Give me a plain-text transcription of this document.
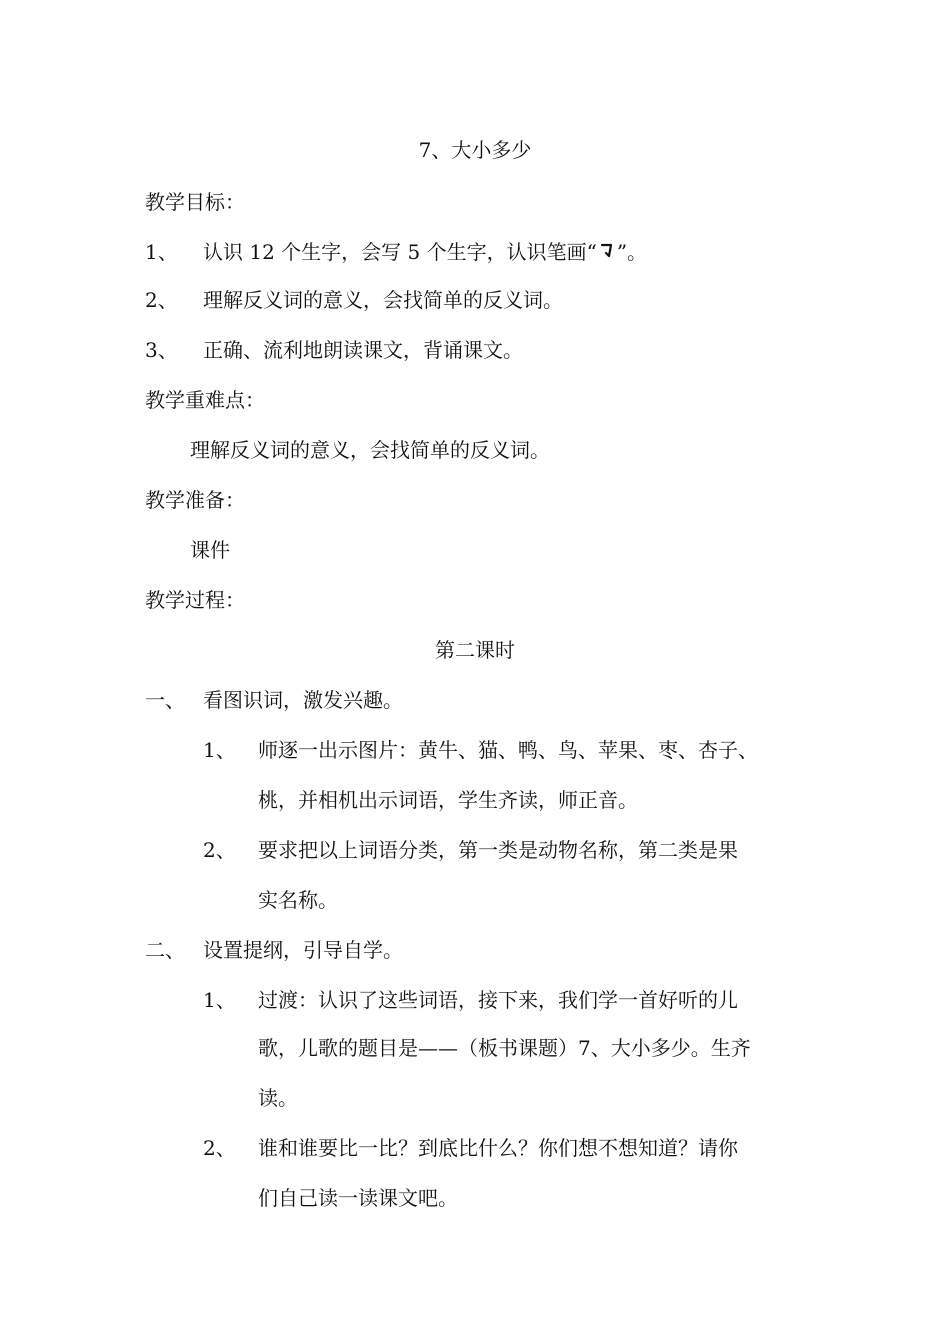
7、大小多少
教学目标：
1、 认识 12 个生字，会写 5 个生字，认识笔画“ ”。
2、 理解反义词的意义，会找简单的反义词。
3、 正确、流利地朗读课文，背诵课文。
教学重难点：
理解反义词的意义，会找简单的反义词。
教学准备：
课件
教学过程：
第二课时
一、 看图识词，激发兴趣。
1、 师逐一出示图片：黄牛、猫、鸭、鸟、苹果、枣、杏子、
桃，并相机出示词语，学生齐读，师正音。
2、 要求把以上词语分类，第一类是动物名称，第二类是果
实名称。
二、 设置提纲，引导自学。
1、 过渡：认识了这些词语，接下来，我们学一首好听的儿
歌，儿歌的题目是——（板书课题）7、大小多少。生齐
读。
2、 谁和谁要比一比？到底比什么？你们想不想知道？请你
们自己读一读课文吧。
